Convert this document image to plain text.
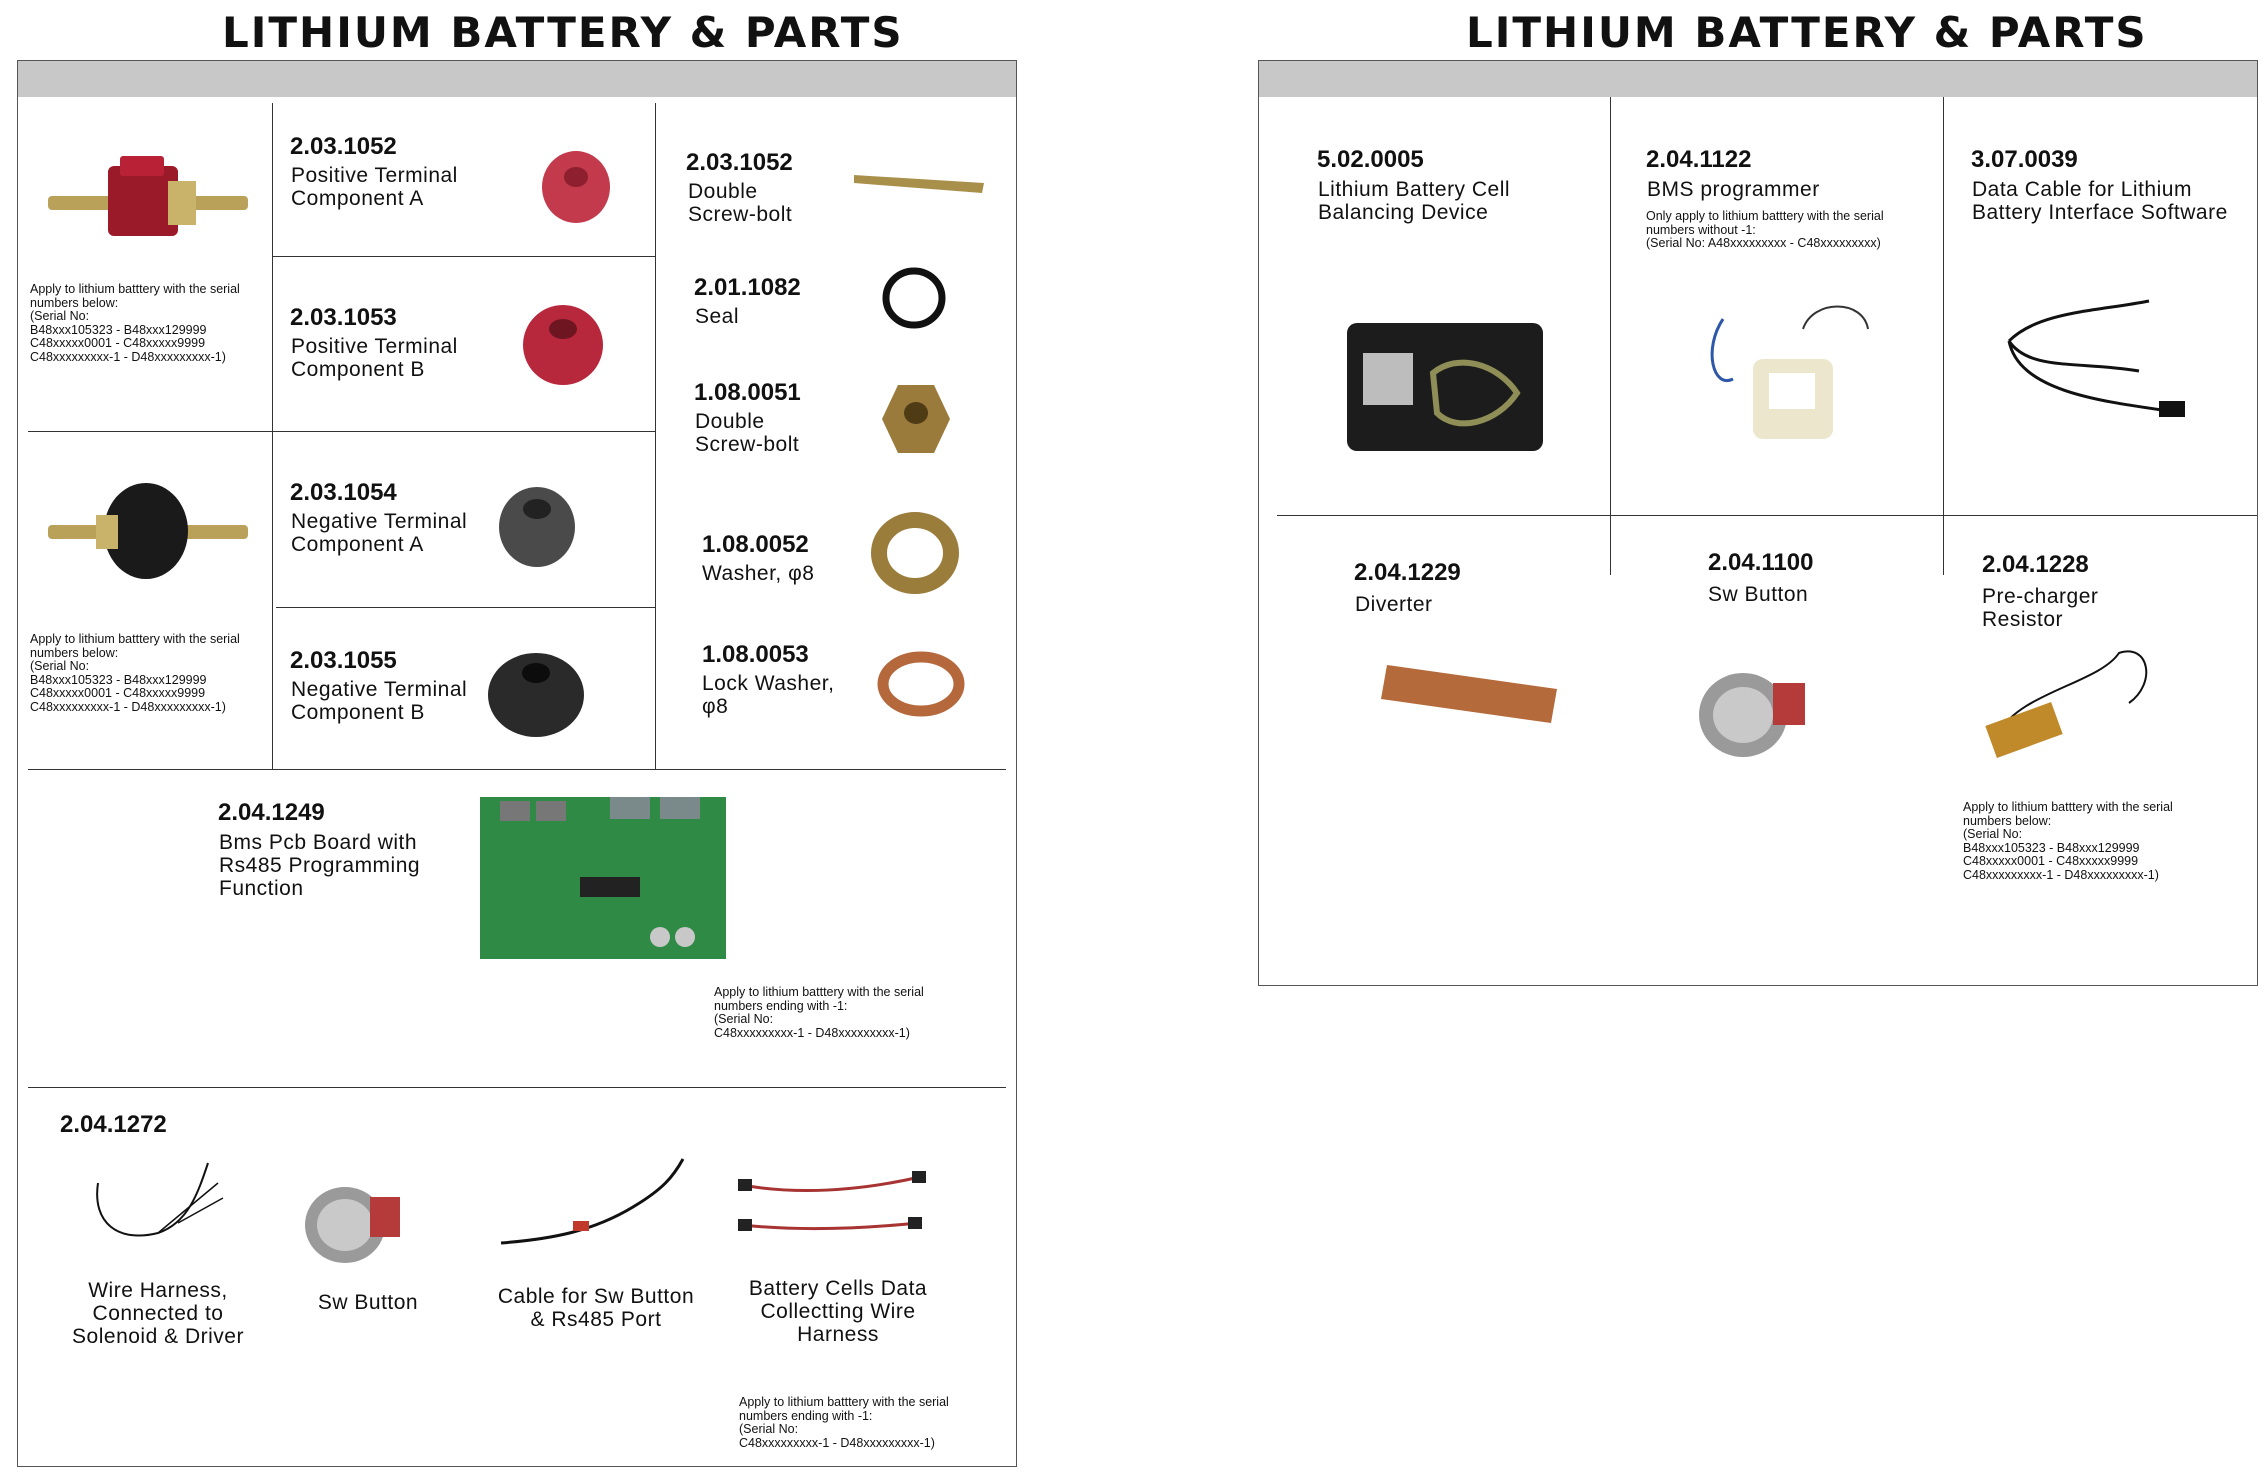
LITHIUM BATTERY & PARTS	LITHIUM BATTERY & PARTS
Apply to lithium batttery with the serial
numbers below:
(Serial No:
B48xxx105323 - B48xxx129999
C48xxxxx0001 - C48xxxxx9999
C48xxxxxxxxx-1 - D48xxxxxxxxx-1)
Apply to lithium batttery with the serial
numbers below:
(Serial No:
B48xxx105323 - B48xxx129999
C48xxxxx0001 - C48xxxxx9999
C48xxxxxxxxx-1 - D48xxxxxxxxx-1)
2.03.1052
Positive Terminal
Component A
2.03.1053
Positive Terminal
Component B
2.03.1054
Negative Terminal
Component A
2.03.1055
Negative Terminal
Component B
2.03.1052
Double
Screw-bolt
2.01.1082
Seal
1.08.0051
Double
Screw-bolt
1.08.0052
Washer, φ8
1.08.0053
Lock Washer,
φ8
2.04.1249
Bms Pcb Board with
Rs485 Programming
Function
Apply to lithium batttery with the serial
numbers ending with -1:
(Serial No:
C48xxxxxxxxx-1 - D48xxxxxxxxx-1)
2.04.1272
Wire Harness,
Connected to
Solenoid & Driver
Sw Button	Cable for Sw Button
& Rs485 Port
Battery Cells Data
Collectting Wire
Harness
Apply to lithium batttery with the serial
numbers ending with -1:
(Serial No:
C48xxxxxxxxx-1 - D48xxxxxxxxx-1)
5.02.0005
Lithium Battery Cell
Balancing Device
2.04.1122
BMS programmer
Only apply to lithium batttery with the serial
numbers without -1:
(Serial No: A48xxxxxxxxx - C48xxxxxxxxx)
3.07.0039
Data Cable for Lithium
Battery Interface Software
2.04.1229
Diverter
2.04.1100
Sw Button
2.04.1228
Pre-charger
Resistor
Apply to lithium batttery with the serial
numbers below:
(Serial No:
B48xxx105323 - B48xxx129999
C48xxxxx0001 - C48xxxxx9999
C48xxxxxxxxx-1 - D48xxxxxxxxx-1)
